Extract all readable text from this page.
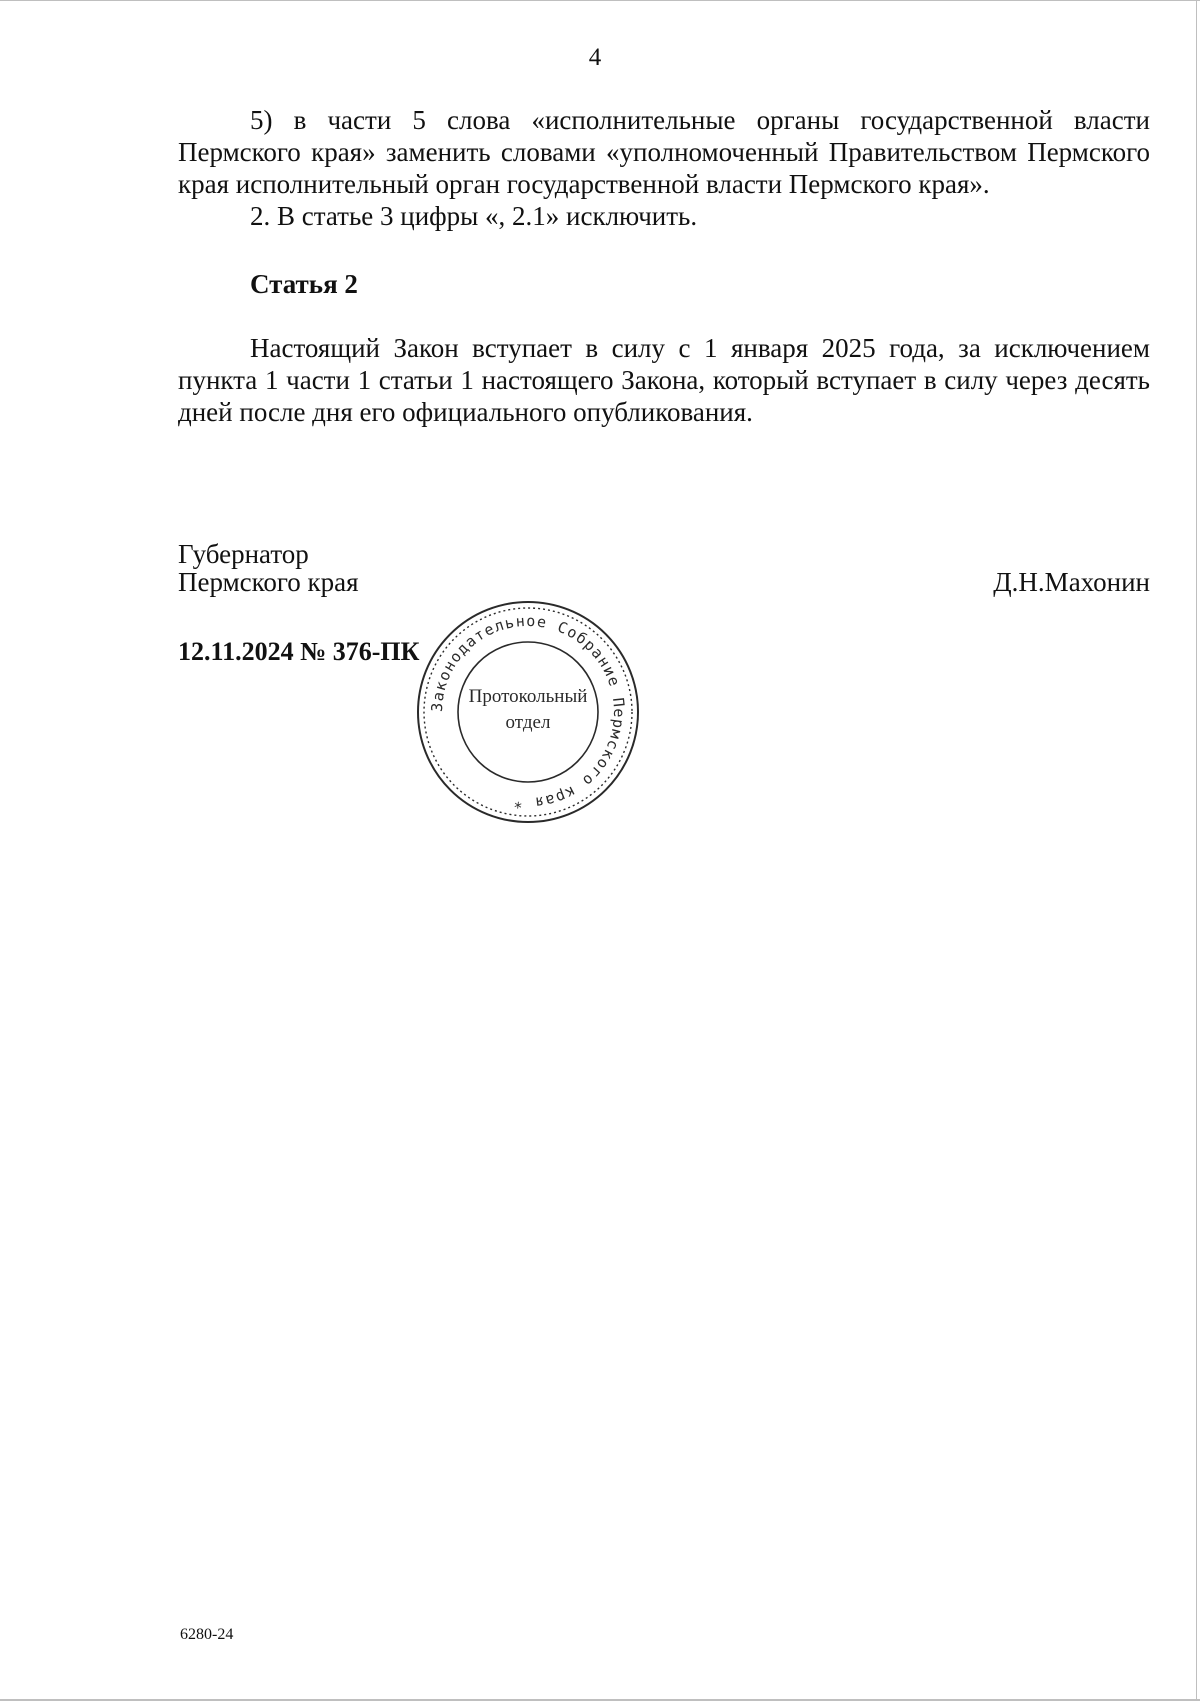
4

5) в части 5 слова «исполнительные органы государственной власти Пермского края» заменить словами «уполномоченный Правительством Пермского края исполнительный орган государственной власти Пермского края».

2. В статье 3 цифры «, 2.1» исключить.

Статья 2

Настоящий Закон вступает в силу с 1 января 2025 года, за исключением пункта 1 части 1 статьи 1 настоящего Закона, который вступает в силу через десять дней после дня его официального опубликования.

Губернатор
Пермского края	Д.Н.Махонин
12.11.2024 № 376-ПК
Законодательное Собрание Пермского края *
Протокольный
отдел
6280-24
